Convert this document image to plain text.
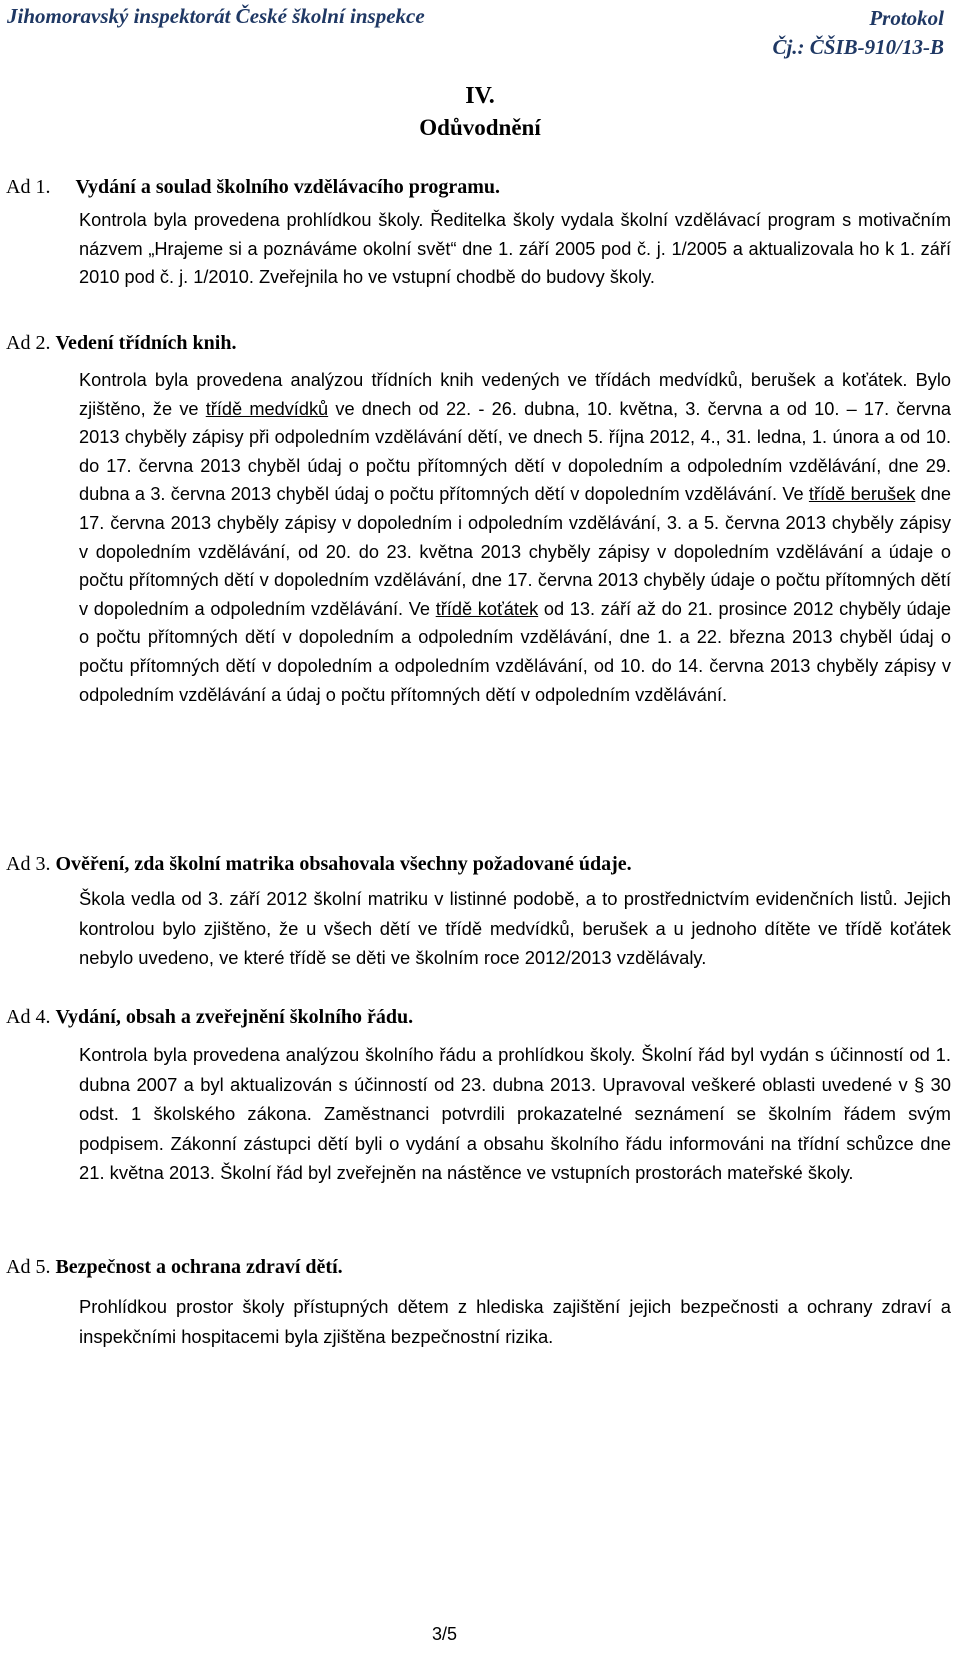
Jihomoravský inspektorát České školní inspekce	Protokol
Čj.: ČŠIB-910/13-B
IV.
Odůvodnění
Ad 1. Vydání a soulad školního vzdělávacího programu.
Kontrola byla provedena prohlídkou školy. Ředitelka školy vydala školní vzdělávací program s motivačním názvem „Hrajeme si a poznáváme okolní svět“ dne 1. září 2005 pod č. j. 1/2005 a aktualizovala ho k 1. září 2010 pod č. j. 1/2010. Zveřejnila ho ve vstupní chodbě do budovy školy.
Ad 2. Vedení třídních knih.
Kontrola byla provedena analýzou třídních knih vedených ve třídách medvídků, berušek a koťátek. Bylo zjištěno, že ve třídě medvídků ve dnech od 22. - 26. dubna, 10. května, 3. června a od 10. – 17. června 2013 chyběly zápisy při odpoledním vzdělávání dětí, ve dnech 5. října 2012, 4., 31. ledna, 1. února a od 10. do 17. června 2013 chyběl údaj o počtu přítomných dětí v dopoledním a odpoledním vzdělávání, dne 29. dubna a 3. června 2013 chyběl údaj o počtu přítomných dětí v dopoledním vzdělávání. Ve třídě berušek dne 17. června 2013 chyběly zápisy v dopoledním i odpoledním vzdělávání, 3. a 5. června 2013 chyběly zápisy v dopoledním vzdělávání, od 20. do 23. května 2013 chyběly zápisy v dopoledním vzdělávání a údaje o počtu přítomných dětí v dopoledním vzdělávání, dne 17. června 2013 chyběly údaje o počtu přítomných dětí v dopoledním a odpoledním vzdělávání. Ve třídě koťátek od 13. září až do 21. prosince 2012 chyběly údaje o počtu přítomných dětí v dopoledním a odpoledním vzdělávání, dne 1. a 22. března 2013 chyběl údaj o počtu přítomných dětí v dopoledním a odpoledním vzdělávání, od 10. do 14. června 2013 chyběly zápisy v odpoledním vzdělávání a údaj o počtu přítomných dětí v odpoledním vzdělávání.
Ad 3. Ověření, zda školní matrika obsahovala všechny požadované údaje.
Škola vedla od 3. září 2012 školní matriku v listinné podobě, a to prostřednictvím evidenčních listů. Jejich kontrolou bylo zjištěno, že u všech dětí ve třídě medvídků, berušek a u jednoho dítěte ve třídě koťátek nebylo uvedeno, ve které třídě se děti ve školním roce 2012/2013 vzdělávaly.
Ad 4. Vydání, obsah a zveřejnění školního řádu.
Kontrola byla provedena analýzou školního řádu a prohlídkou školy. Školní řád byl vydán s účinností od 1. dubna 2007 a byl aktualizován s účinností od 23. dubna 2013. Upravoval veškeré oblasti uvedené v § 30 odst. 1 školského zákona. Zaměstnanci potvrdili prokazatelné seznámení se školním řádem svým podpisem. Zákonní zástupci dětí byli o vydání a obsahu školního řádu informováni na třídní schůzce dne 21. května 2013. Školní řád byl zveřejněn na nástěnce ve vstupních prostorách mateřské školy.
Ad 5. Bezpečnost a ochrana zdraví dětí.
Prohlídkou prostor školy přístupných dětem z hlediska zajištění jejich bezpečnosti a ochrany zdraví a inspekčními hospitacemi byla zjištěna bezpečnostní rizika.
3/5
